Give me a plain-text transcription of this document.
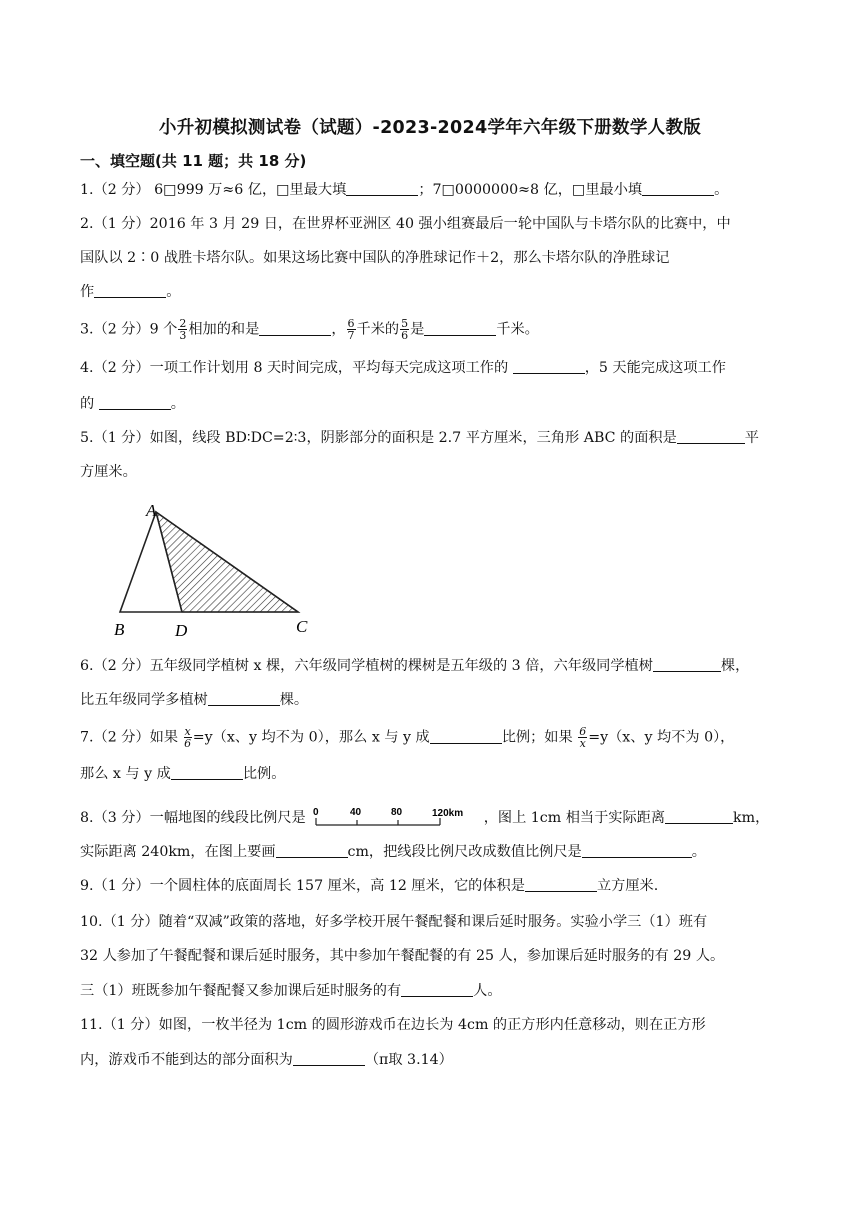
小升初模拟测试卷（试题）-2023-2024学年六年级下册数学人教版
一、填空题(共 11 题；共 18 分)
1.（2 分） 6□999 万≈6 亿，□里最大填	；7□0000000≈8 亿，□里最小填	。
2.（1 分）2016 年 3 月 29 日，在世界杯亚洲区 40 强小组赛最后一轮中国队与卡塔尔队的比赛中，中
国队以 2∶0 战胜卡塔尔队。如果这场比赛中国队的净胜球记作＋2，那么卡塔尔队的净胜球记
作	。
3.（2 分）9 个 $\frac{2}{3}$ 相加的和是	， $\frac{6}{7}$ 千米的 $\frac{5}{6}$ 是	千米。
4.（2 分）一项工作计划用 8 天时间完成，平均每天完成这项工作的	，5 天能完成这项工作
的	。
5.（1 分）如图，线段 BD∶DC=2∶3，阴影部分的面积是 2.7 平方厘米，三角形 ABC 的面积是	平
方厘米。
A
B	D	C
6.（2 分）五年级同学植树 x 棵，六年级同学植树的棵树是五年级的 3 倍，六年级同学植树	棵，
比五年级同学多植树	棵。
7.（2 分）如果 $\frac{x}{6} =y(x$、y 均不为 0），那么 x 与 y 成	比例；如果 $\frac{6}{x} =y(x$、y 均不为 0），
那么 x 与 y 成	比例。
8.（3 分）一幅地图的线段比例尺是 0	40	80	120km ，图上 1cm 相当于实际距离	km，
实际距离 240km，在图上要画	cm，把线段比例尺改成数值比例尺是	。
9.（1 分）一个圆柱体的底面周长 157 厘米，高 12 厘米，它的体积是	立方厘米.
10.（1 分）随着“双减”政策的落地，好多学校开展午餐配餐和课后延时服务。实验小学三（1）班有
32 人参加了午餐配餐和课后延时服务，其中参加午餐配餐的有 25 人，参加课后延时服务的有 29 人。
三（1）班既参加午餐配餐又参加课后延时服务的有	人。
11.（1 分）如图，一枚半径为 1cm 的圆形游戏币在边长为 4cm 的正方形内任意移动，则在正方形
内，游戏币不能到达的部分面积为	（π取 3.14）
